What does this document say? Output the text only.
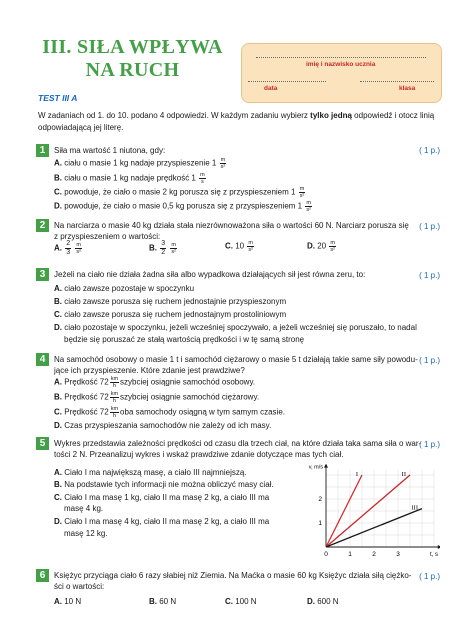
III. SIŁA WPŁYWA
NA RUCH	imię i nazwisko ucznia
data	klasa
TEST III A
W zadaniach od 1. do 10. podano 4 odpowiedzi. W każdym zadaniu wybierz tylko jedną odpowiedź i otocz linią odpowiadającą jej literę.
1	Siła ma wartość 1 niutona, gdy:	( 1 p.)
A. ciału o masie 1 kg nadaje przyspieszenie $1 \frac{m}{\text{s²}}$
B. ciału o masie 1 kg nadaje prędkość $1 \frac{m}{s}$
C. powoduje, że ciało o masie 2 kg porusza się z przyspieszeniem $1 \frac{m}{\text{s²}}$
D. powoduje, że ciało o masie 0,5 kg porusza się z przyspieszeniem $1 \frac{m}{\text{s²}}$
2	Na narciarza o masie 40 kg działa stała niezrównoważona siła o wartości 60 N. Narciarz porusza się
z przyspieszeniem o wartości:
( 1 p.)
A. $\frac{2}{3}$
$\frac{m}{\text{s²}}$	B. $\frac{3}{2}$
$\frac{m}{\text{s²}}$	C. $10 \frac{m}{\text{s²}}$	D. $20 \frac{m}{\text{s²}}$
3	Jeżeli na ciało nie działa żadna siła albo wypadkowa działających sił jest równa zeru, to:	( 1 p.)
A. ciało zawsze pozostaje w spoczynku
B. ciało zawsze porusza się ruchem jednostajnie przyspieszonym
C. ciało zawsze porusza się ruchem jednostajnym prostoliniowym
D. ciało pozostaje w spoczynku, jeżeli wcześniej spoczywało, a jeżeli wcześniej się poruszało, to nadal
będzie się poruszać ze stałą wartością prędkości i w tę samą stronę
4	Na samochód osobowy o masie 1 t i samochód ciężarowy o masie 5 t działają takie same siły powodu-
jące ich przyspieszenie. Które zdanie jest prawdziwe?
( 1 p.)
A. Prędkość $72 \frac{km}{h}$ szybciej osiągnie samochód osobowy.
B. Prędkość $72 \frac{km}{h}$ szybciej osiągnie samochód ciężarowy.
C. Prędkość $72 \frac{km}{h}$ oba samochody osiągną w tym samym czasie.
D. Czas przyspieszania samochodów nie zależy od ich masy.
5	Wykres przedstawia zależności prędkości od czasu dla trzech ciał, na które działa taka sama siła o war-
tości 2 N. Przeanalizuj wykres i wskaż prawdziwe zdanie dotyczące mas tych ciał.
( 1 p.)
A. Ciało I ma największą masę, a ciało III najmniejszą.
B. Na podstawie tych informacji nie można obliczyć masy ciał.
C. Ciało I ma masę 1 kg, ciało II ma masę 2 kg, a ciało III ma
masę 4 kg.
D. Ciało I ma masę 4 kg, ciało II ma masę 2 kg, a ciało III ma
masę 12 kg.
0	1	2	3
1
2
v, m/s
t, s
I	II
III
6	Księżyc przyciąga ciało 6 razy słabiej niż Ziemia. Na Maćka o masie 60 kg Księżyc działa siłą ciężko-
ści o wartości:
( 1 p.)
A. 10 N	B. 60 N	C. 100 N	D. 600 N
